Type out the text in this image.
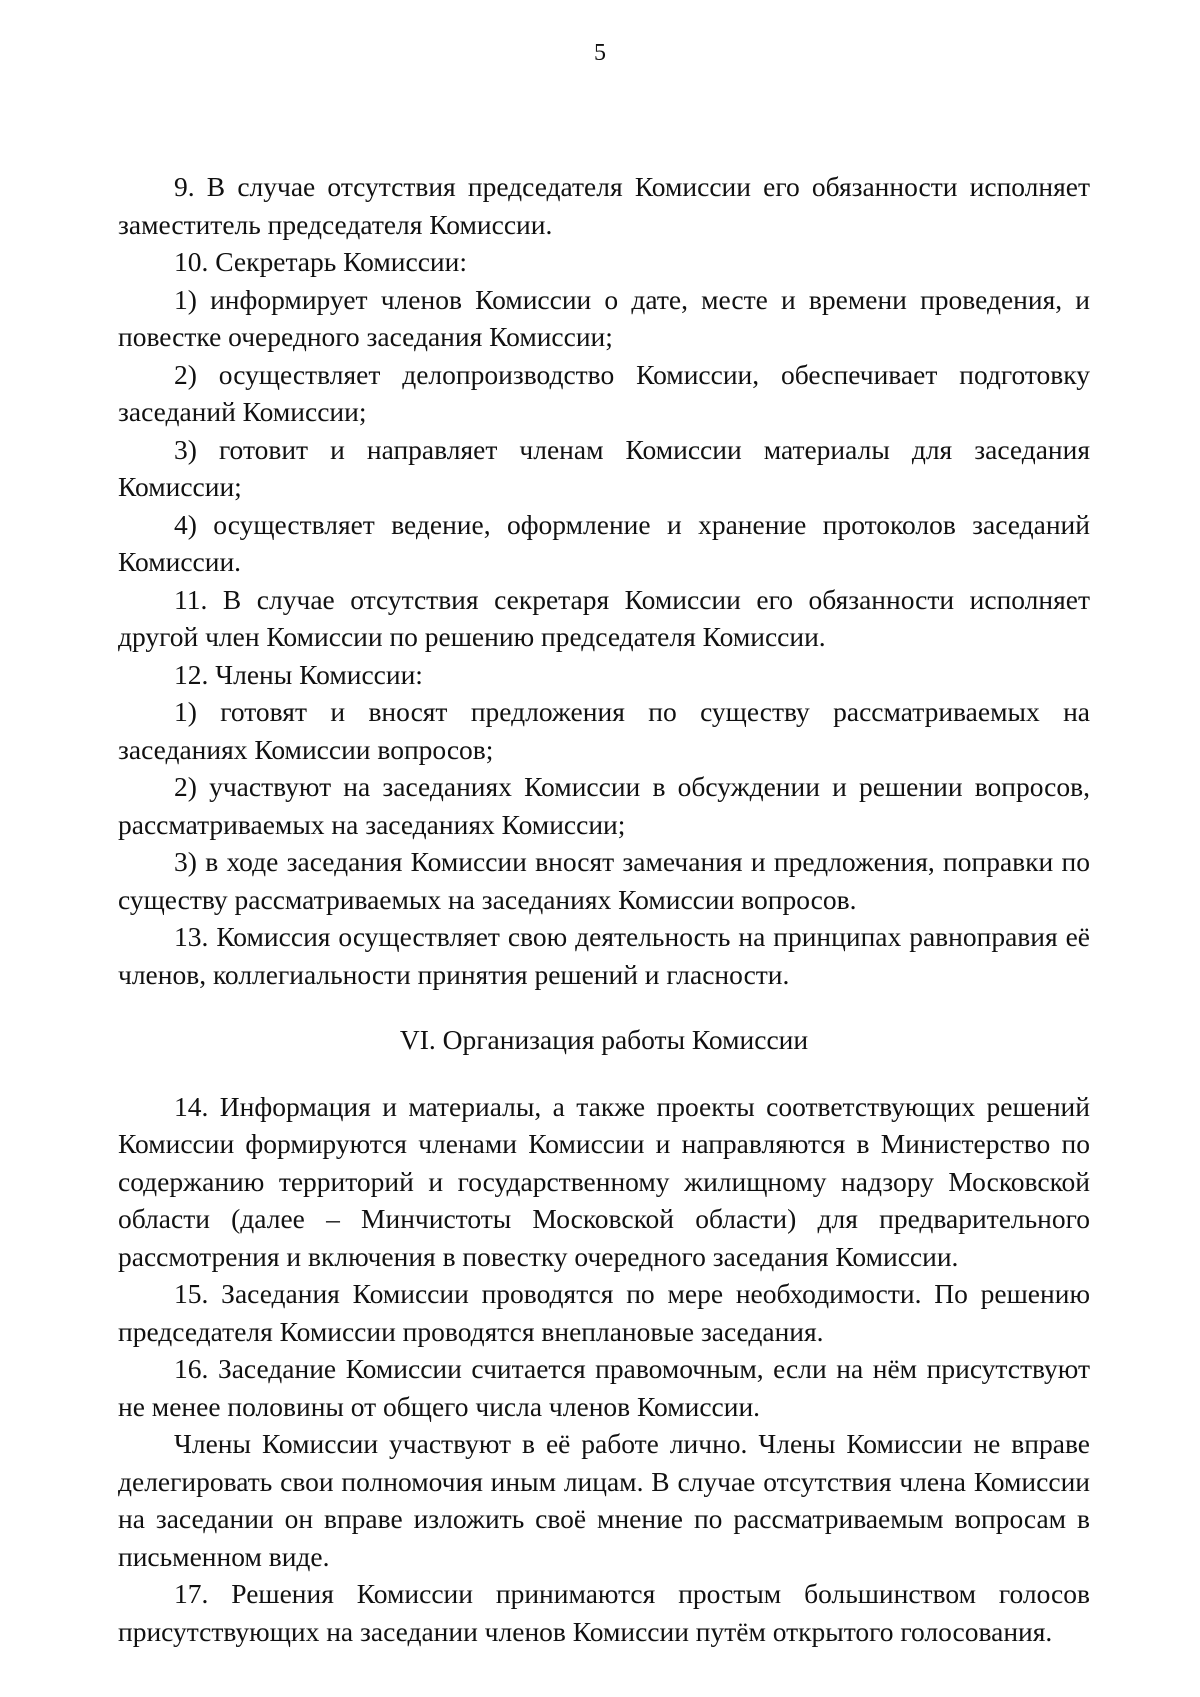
5

9. В случае отсутствия председателя Комиссии его обязанности исполняет заместитель председателя Комиссии.

10. Секретарь Комиссии:

1) информирует членов Комиссии о дате, месте и времени проведения, и повестке очередного заседания Комиссии;

2) осуществляет делопроизводство Комиссии, обеспечивает подготовку заседаний Комиссии;

3) готовит и направляет членам Комиссии материалы для заседания Комиссии;

4) осуществляет ведение, оформление и хранение протоколов заседаний Комиссии.

11. В случае отсутствия секретаря Комиссии его обязанности исполняет другой член Комиссии по решению председателя Комиссии.

12. Члены Комиссии:

1) готовят и вносят предложения по существу рассматриваемых на заседаниях Комиссии вопросов;

2) участвуют на заседаниях Комиссии в обсуждении и решении вопросов, рассматриваемых на заседаниях Комиссии;

3) в ходе заседания Комиссии вносят замечания и предложения, поправки по существу рассматриваемых на заседаниях Комиссии вопросов.

13. Комиссия осуществляет свою деятельность на принципах равноправия её членов, коллегиальности принятия решений и гласности.

VI. Организация работы Комиссии

14. Информация и материалы, а также проекты соответствующих решений Комиссии формируются членами Комиссии и направляются в Министерство по содержанию территорий и государственному жилищному надзору Московской области (далее – Минчистоты Московской области) для предварительного рассмотрения и включения в повестку очередного заседания Комиссии.

15. Заседания Комиссии проводятся по мере необходимости. По решению председателя Комиссии проводятся внеплановые заседания.

16. Заседание Комиссии считается правомочным, если на нём присутствуют не менее половины от общего числа членов Комиссии.

Члены Комиссии участвуют в её работе лично. Члены Комиссии не вправе делегировать свои полномочия иным лицам. В случае отсутствия члена Комиссии на заседании он вправе изложить своё мнение по рассматриваемым вопросам в письменном виде.

17. Решения Комиссии принимаются простым большинством голосов присутствующих на заседании членов Комиссии путём открытого голосования.
